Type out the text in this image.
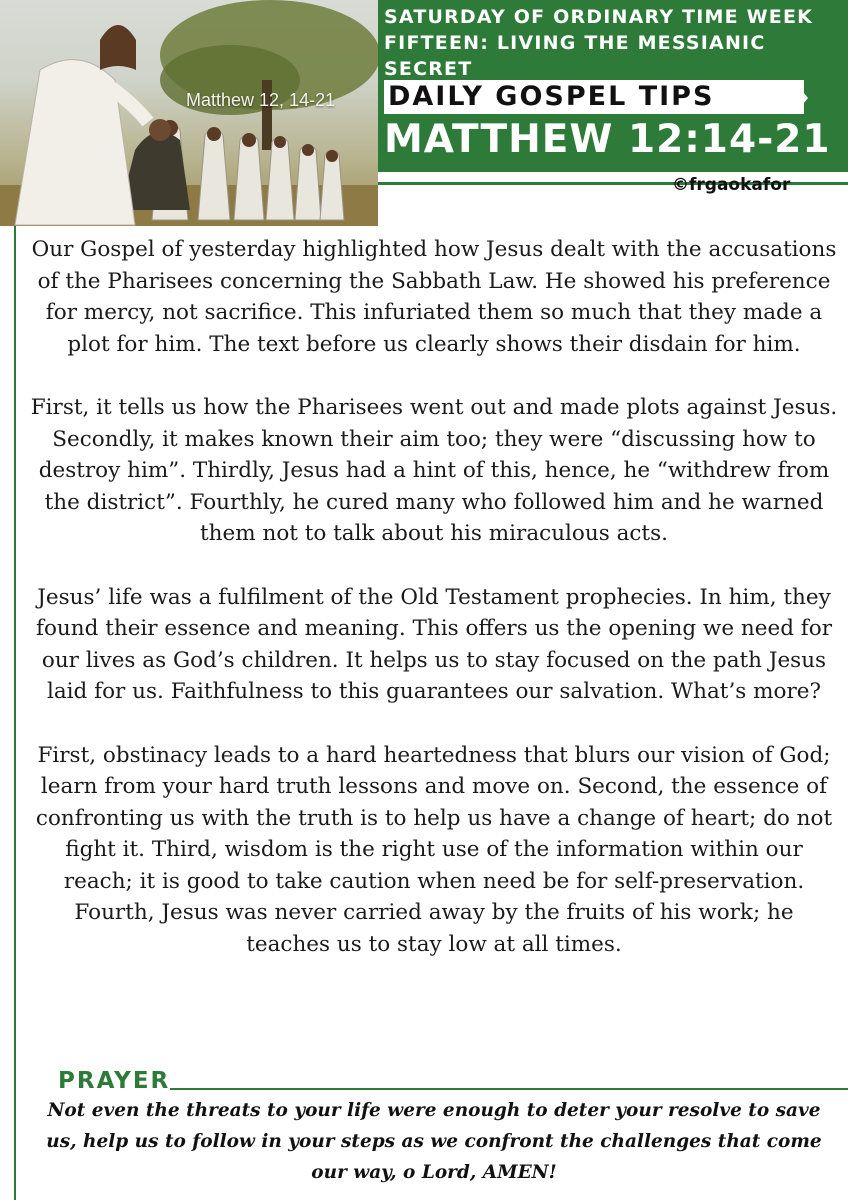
Matthew 12, 14-21
SATURDAY OF ORDINARY TIME WEEK FIFTEEN: LIVING THE MESSIANIC SECRET
DAILY GOSPEL TIPS
MATTHEW 12:14-21
©frgaokafor

Our Gospel of yesterday highlighted how Jesus dealt with the accusations of the Pharisees concerning the Sabbath Law. He showed his preference for mercy, not sacrifice. This infuriated them so much that they made a plot for him. The text before us clearly shows their disdain for him.

First, it tells us how the Pharisees went out and made plots against Jesus. Secondly, it makes known their aim too; they were “discussing how to destroy him”. Thirdly, Jesus had a hint of this, hence, he “withdrew from the district”. Fourthly, he cured many who followed him and he warned them not to talk about his miraculous acts.

Jesus’ life was a fulfilment of the Old Testament prophecies. In him, they found their essence and meaning. This offers us the opening we need for our lives as God’s children. It helps us to stay focused on the path Jesus laid for us. Faithfulness to this guarantees our salvation. What’s more?

First, obstinacy leads to a hard heartedness that blurs our vision of God; learn from your hard truth lessons and move on. Second, the essence of confronting us with the truth is to help us have a change of heart; do not fight it. Third, wisdom is the right use of the information within our reach; it is good to take caution when need be for self-preservation. Fourth, Jesus was never carried away by the fruits of his work; he teaches us to stay low at all times.

PRAYER
Not even the threats to your life were enough to deter your resolve to save us, help us to follow in your steps as we confront the challenges that come our way, o Lord, AMEN!
